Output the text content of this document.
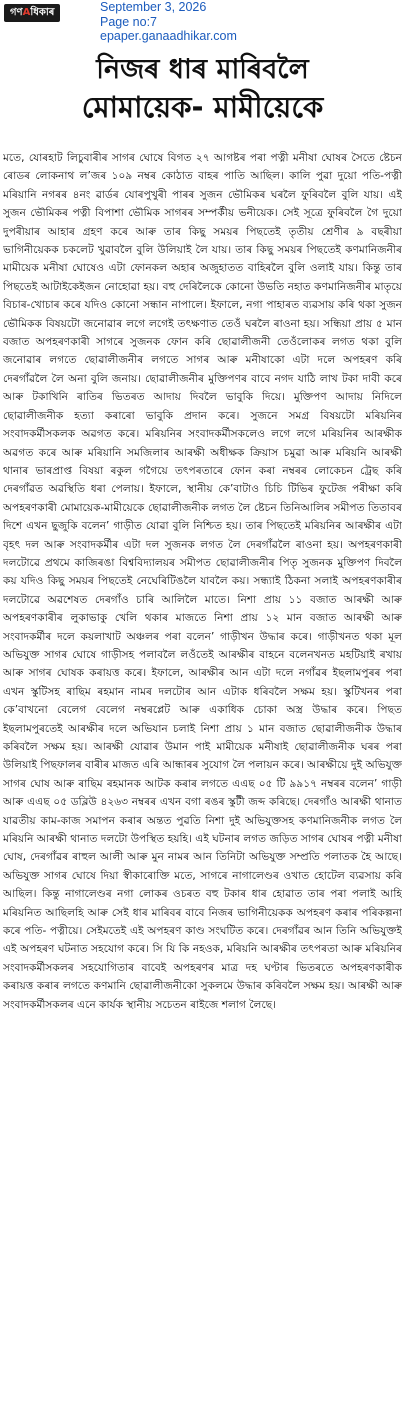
গণAধিকাৰ	September 3, 2026
Page no:7
epaper.ganaadhikar.com
নিজৰ ধাৰ মাৰিবলৈ
মোমায়েক- মামীয়েকে

মতে, যোৰহাট লিচুবাৰীৰ সাগৰ ঘোষে বিগত ২৭ আগষ্টৰ পৰা পত্নী মনীষা ঘোষৰ সৈতে ষ্টেচন ৰোডৰ লোকনাথ ল’জৰ ১০৯ নম্বৰ কোঠাত বাহৰ পাতি আছিল। কালি পুৱা দুয়ো পতি-পত্নী মৰিয়ানি নগৰৰ ৪নং ৱাৰ্ডৰ যোৰপুখুৰী পাৰৰ সুজন ভৌমিকৰ ঘৰলৈ ফুৰিবলৈ বুলি যায়। এই সুজন ভৌমিকৰ পত্নী বিপাশা ভৌমিক সাগৰৰ সম্পৰ্কীয় ভনীয়েক। সেই সূত্ৰে ফুৰিবলৈ গৈ দুয়ো দুপৰীয়াৰ আহাৰ গ্ৰহণ কৰে আৰু তাৰ কিছু সময়ৰ পিছতেই তৃতীয় শ্ৰেণীৰ ৯ বছৰীয়া ভাগিনীয়েকক চকলেট খুৱাবলৈ বুলি উলিয়াই লৈ যায়। তাৰ কিছু সময়ৰ পিছতেই কণমানিজনীৰ মামীয়েক মনীষা ঘোষেও এটা ফোনকল অহাৰ অজুহাতত বাহিৰলৈ বুলি ওলাই যায়। কিন্তু তাৰ পিছতেই আটাইকেইজন নোহোৱা হয়। বহু দেৰিলৈকে কোনো উভতি নহাত কণমানিজনীৰ মাতৃয়ে বিচাৰ-খোচাৰ কৰে যদিও কোনো সন্ধান নাপালে। ইফালে, নগা পাহাৰত ব্যৱসায় কৰি থকা সুজন ভৌমিকক বিষয়টো জনোৱাৰ লগে লগেই তৎক্ষণাত তেওঁ ঘৰলৈ ৰাওনা হয়। সন্ধিয়া প্ৰায় ৫ মান বজাত অপহৰণকাৰী সাগৰে সুজনক ফোন কৰি ছোৱালীজনী তেওঁলোকৰ লগত থকা বুলি জনোৱাৰ লগতে ছোৱালীজনীৰ লগতে সাগৰ আৰু মনীষাকো এটা দলে অপহৰণ কৰি দেৰগাঁৱলৈ লৈ অনা বুলি জনায়। ছোৱালীজনীৰ মুক্তিপণৰ বাবে নগদ যাঠি লাখ টকা দাবী কৰে আৰু টকাখিনি ৰাতিৰ ভিতৰত আদায় দিবলৈ ভাবুকি দিয়ে। মুক্তিপণ আদায় নিদিলে ছোৱালীজনীক হত্যা কৰাৰো ভাবুকি প্ৰদান কৰে। সুজনে সমগ্ৰ বিষয়টো মৰিয়নিৰ সংবাদকৰ্মীসকলক অৱগত কৰে। মৰিয়নিৰ সংবাদকৰ্মীসকলেও লগে লগে মৰিয়নিৰ আৰক্ষীক অৱগত কৰে আৰু মৰিয়ানি সমজিলাৰ আৰক্ষী অধীক্ষক ক্ৰিয়াস চমুৱা আৰু মৰিয়নি আৰক্ষী থানাৰ ভাৰপ্ৰাপ্ত বিষয়া ৰকুল গগৈয়ে তৎপৰতাৰে ফোন কৰা নম্বৰৰ লোকেচন ট্ৰেছ কৰি দেৰগাঁৱত অৱস্থিতি ধৰা পেলায়। ইফালে, স্থানীয় কে’বাটাও চিচি টিভিৰ ফুটেজ পৰীক্ষা কৰি অপহৰণকাৰী মোমায়েক-মামীয়েকে ছোৱালীজনীক লগত লৈ ষ্টেচন তিনিআলিৰ সমীপত তিতাবৰ দিশে এখন ছুজুকি বলেন’ গাড়ীত যোৱা বুলি নিশ্চিত হয়। তাৰ পিছতেই মৰিয়নিৰ আৰক্ষীৰ এটা বৃহৎ দল আৰু সংবাদকৰ্মীৰ এটা দল সুজনক লগত লৈ দেৰগাঁৱলৈ ৰাওনা হয়। অপহৰণকাৰী দলটোৱে প্ৰথমে কাজিৰঙা বিশ্ববিদ্যালয়ৰ সমীপত ছোৱালীজনীৰ পিতৃ সুজনক মুক্তিপণ দিবলৈ কয় যদিও কিছু সময়ৰ পিছতেই নেঘেৰিটিঙলৈ যাবলৈ কয়। সন্ধ্যাই ঠিকনা সলাই অপহৰণকাৰীৰ দলটোৱে অৱশেষত দেৰগাঁও চাৰি আলিলৈ মাতে। নিশা প্ৰায় ১১ বজাত আৰক্ষী আৰু অপহৰণকাৰীৰ লুকাভাকু খেলি থকাৰ মাজতে নিশা প্ৰায় ১২ মান বজাত আৰক্ষী আৰু সংবাদকৰ্মীৰ দলে কয়লাখাট অঞ্চলৰ পৰা বলেন’ গাড়ীখন উদ্ধাৰ কৰে। গাড়ীখনত থকা মূল অভিযুক্ত সাগৰ ঘোষে গাড়ীসহ পলাবলৈ লওঁতেই আৰক্ষীৰ বাহনে বলেনখনত মহটিয়াই ৰখায় আৰু সাগৰ ঘোষক কৰায়ত্ত কৰে। ইফালে, আৰক্ষীৰ আন এটা দলে নগাঁৱৰ ইছলামপুৰৰ পৰা এখন স্কুটিসহ ৰাছিম ৰহমান নামৰ দলটোৰ আন এটাক ধৰিবলৈ সক্ষম হয়। স্কুটিখনৰ পৰা কে’বাখনো বেলেগ বেলেগ নম্বৰপ্লেট আৰু একাধিক চোকা অস্ত্ৰ উদ্ধাৰ কৰে। পিছত ইছলামপুৰতেই আৰক্ষীৰ দলে অভিযান চলাই নিশা প্ৰায় ১ মান বজাত ছোৱালীজনীক উদ্ধাৰ কৰিবলৈ সক্ষম হয়। আৰক্ষী যোৱাৰ উমান পাই মামীয়েক মনীষাই ছোৱালীজনীক ঘৰৰ পৰা উলিয়াই পিছফালৰ বাৰীৰ মাজত এৰি আন্ধাৰৰ সুযোগ লৈ পলায়ন কৰে। আৰক্ষীয়ে দুই অভিযুক্ত সাগৰ ঘোষ আৰু ৰাছিম ৰহমানক আটক কৰাৰ লগতে এএছ ০৫ টি ৯৯১৭ নম্বৰৰ বলেন’ গাড়ী আৰু এএছ ০৫ ডব্লিউ ৪২৬৩ নম্বৰৰ এখন বগা ৰঙৰ স্কুটী জব্দ কৰিছে। দেৰগাঁও আৰক্ষী থানাত যাৱতীয় কাম-কাজ সমাপন কৰাৰ অন্তত পুৱতি নিশা দুই অভিযুক্তসহ কণমানিজনীক লগত লৈ মৰিয়নি আৰক্ষী থানাত দলটো উপস্থিত হয়হি। এই ঘটনাৰ লগত জড়িত সাগৰ ঘোষৰ পত্নী মনীষা ঘোষ, দেৰগাঁৱৰ ৰাহুল আলী আৰু মুন নামৰ আন তিনিটা অভিযুক্ত সম্প্ৰতি পলাতক হৈ আছে। অভিযুক্ত সাগৰ ঘোষে দিয়া স্বীকাৰোক্তি মতে, সাগৰে নাগালেণ্ডৰ ওখাত হোটেল ব্যৱসায় কৰি আছিল। কিন্তু নাগালেণ্ডৰ নগা লোকৰ ওচৰত বহু টকাৰ ধাৰ হোৱাত তাৰ পৰা পলাই আহি মৰিয়নিত আছিলহি আৰু সেই ধাৰ মাৰিবৰ বাবে নিজৰ ভাগিনীয়েকক অপহৰণ কৰাৰ পৰিকল্পনা কৰে পতি- পত্নীয়ে। সেইমতেই এই অপহৰণ কাণ্ড সংঘটিত কৰে। দেৰগাঁৱৰ আন তিনি অভিযুক্তই এই অপহৰণ ঘটনাত সহযোগ কৰে। সি যি কি নহওক, মৰিয়নি আৰক্ষীৰ তৎপৰতা আৰু মৰিয়নিৰ সংবাদকৰ্মীসকলৰ সহযোগিতাৰ বাবেই অপহৰণৰ মাত্ৰ দহ ঘণ্টাৰ ভিতৰতে অপহৰণকাৰীক কৰায়ত্ত কৰাৰ লগতে কণমানি ছোৱালীজনীকো সুকলমে উদ্ধাৰ কৰিবলৈ সক্ষম হয়। আৰক্ষী আৰু সংবাদকৰ্মীসকলৰ এনে কাৰ্যক স্থানীয় সচেতন ৰাইজে শলাগ লৈছে।
